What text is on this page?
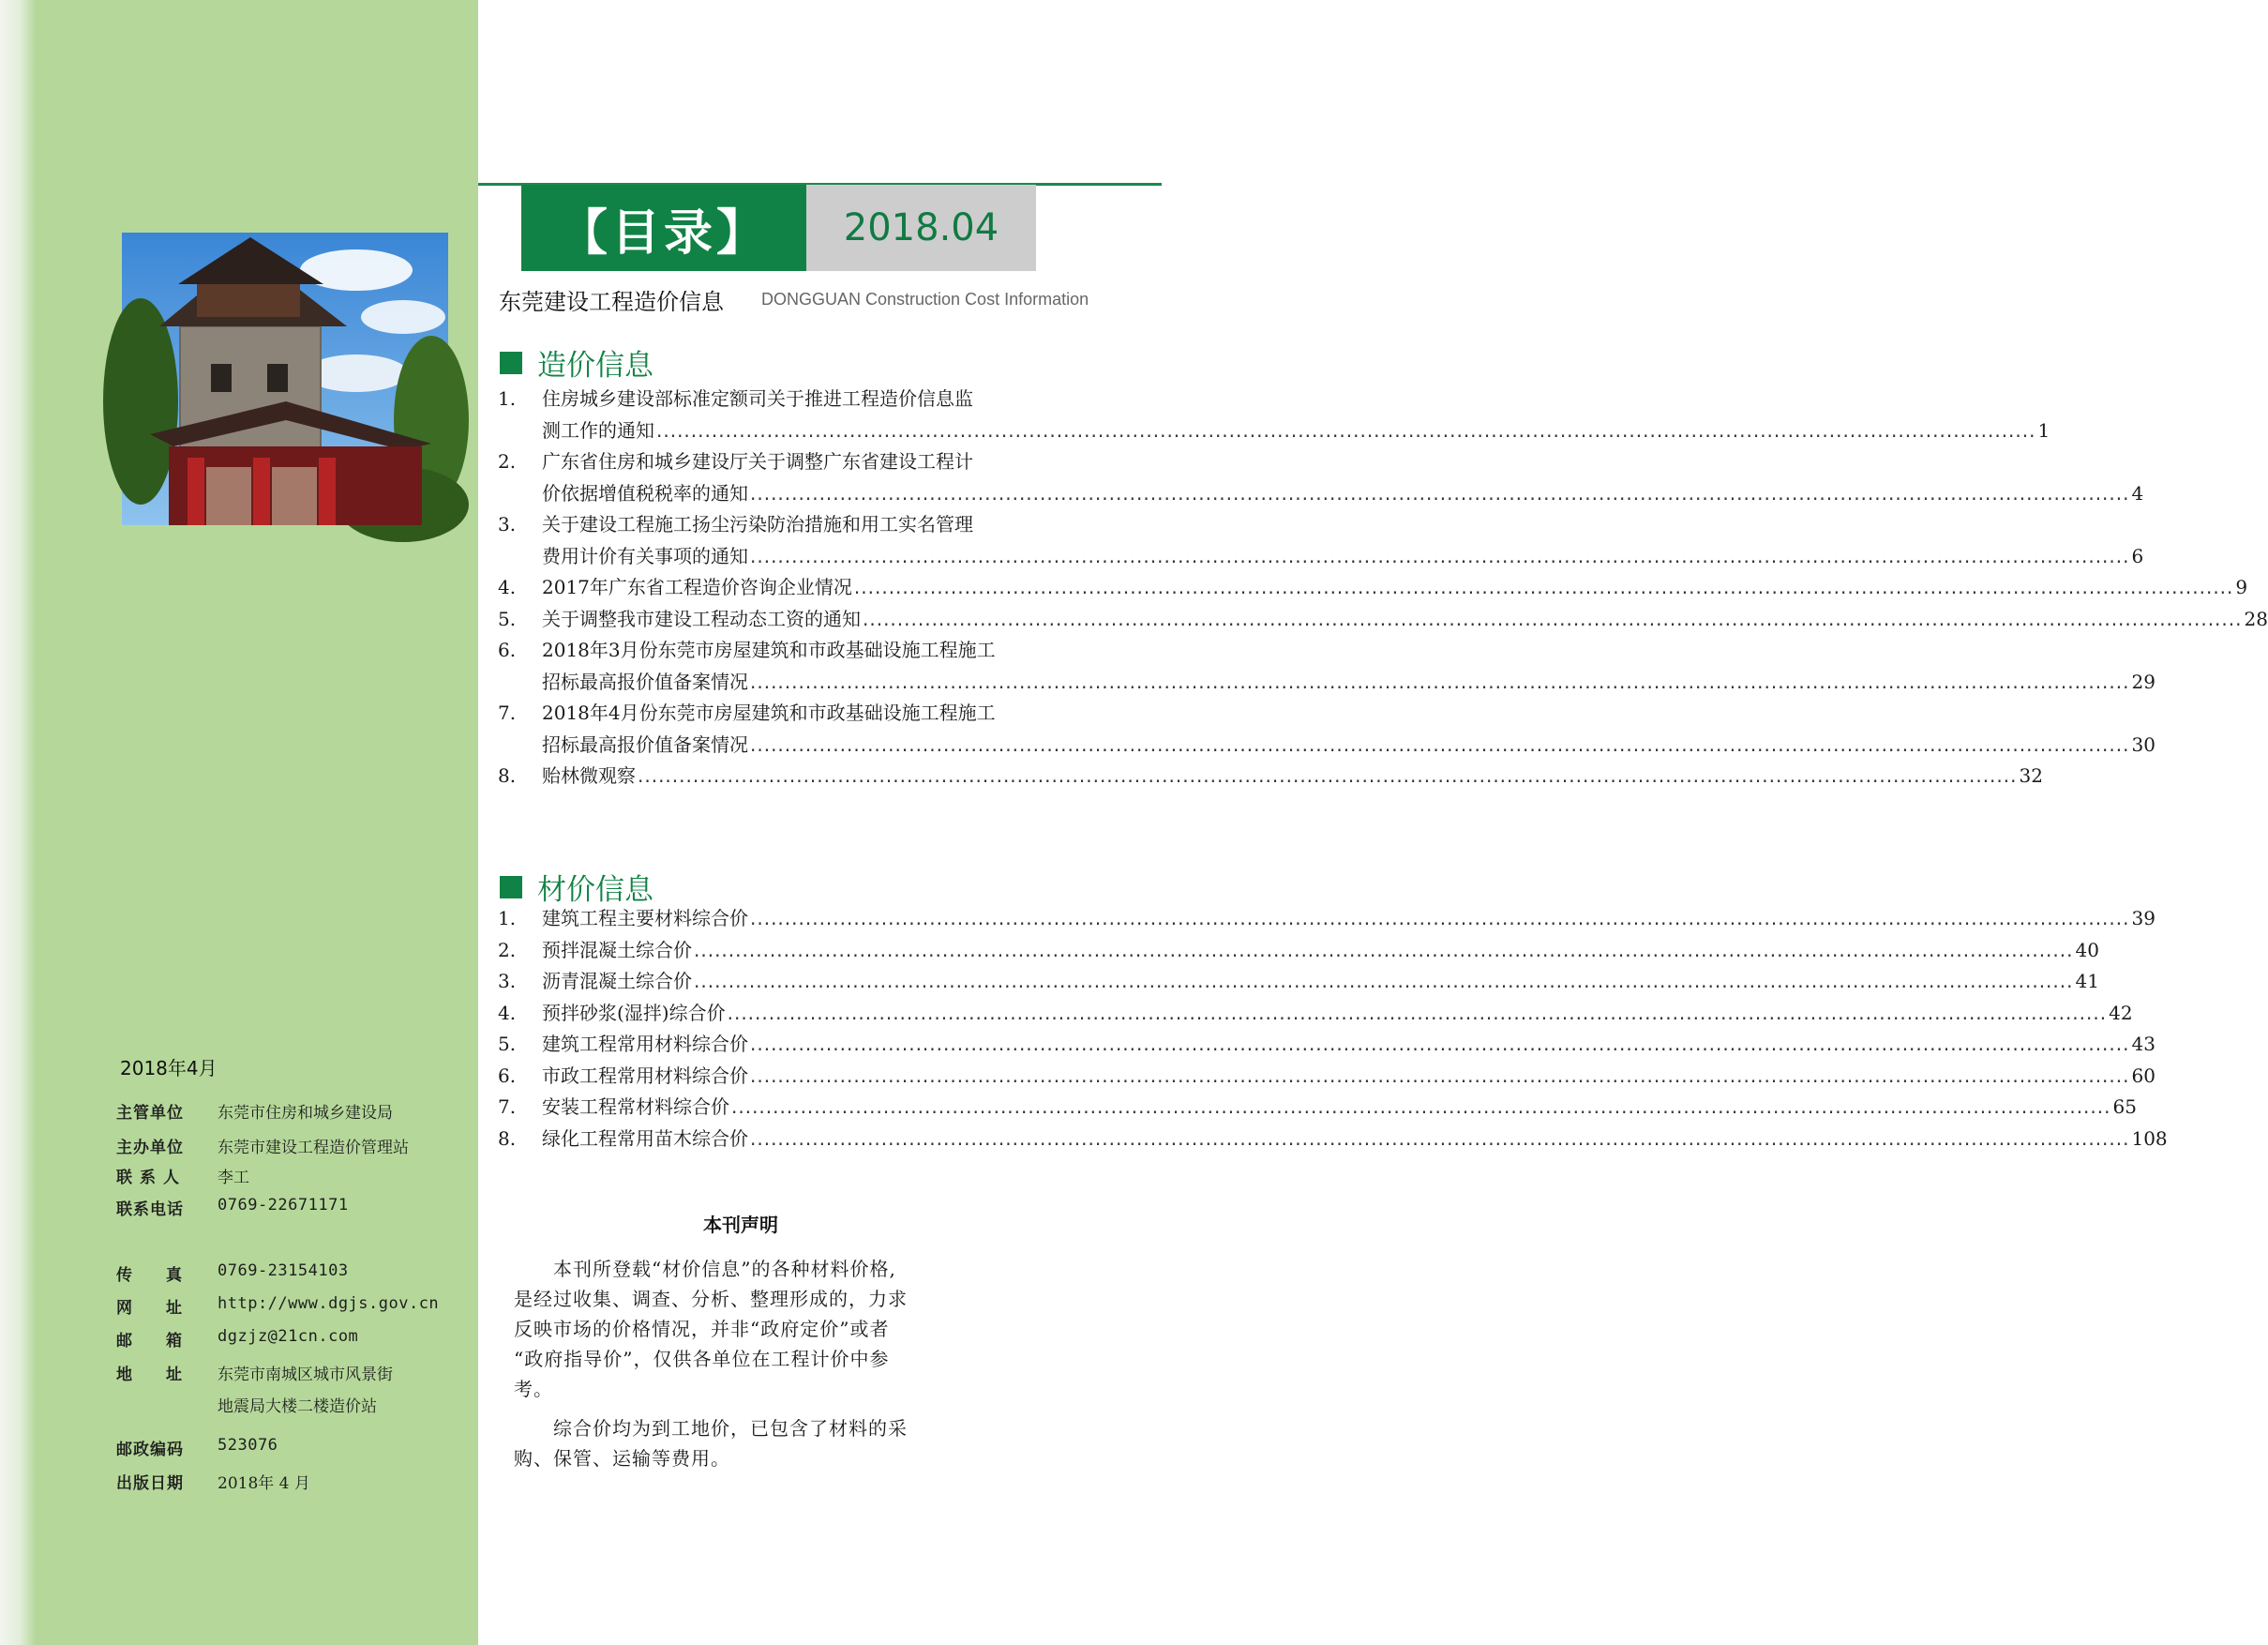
2018年4月
主管单位 东莞市住房和城乡建设局
主办单位 东莞市建设工程造价管理站
联系人 李工
联系电话 0769-22671171
传真 0769-23154103
网址 http://www.dgjs.gov.cn
邮箱 dgzjz@21cn.com
地址 东莞市南城区城市风景街
地震局大楼二楼造价站
邮政编码 523076
出版日期 2018年 4 月
【目录】	2018.04
东莞建设工程造价信息 DONGGUAN Construction Cost Information
造价信息
材价信息
本刊声明
1. 住房城乡建设部标准定额司关于推进工程造价信息监
测工作的通知 ........................................................................................................................................................................................................ 1
2. 广东省住房和城乡建设厅关于调整广东省建设工程计
价依据增值税税率的通知 ........................................................................................................................................................................................................ 4
3. 关于建设工程施工扬尘污染防治措施和用工实名管理
费用计价有关事项的通知 ........................................................................................................................................................................................................ 6
4. 2017年广东省工程造价咨询企业情况 ........................................................................................................................................................................................................ 9
5. 关于调整我市建设工程动态工资的通知 ........................................................................................................................................................................................................ 28
6. 2018年3月份东莞市房屋建筑和市政基础设施工程施工
招标最高报价值备案情况 ........................................................................................................................................................................................................ 29
7. 2018年4月份东莞市房屋建筑和市政基础设施工程施工
招标最高报价值备案情况 ........................................................................................................................................................................................................ 30
8. 贻林微观察 ........................................................................................................................................................................................................ 32
1. 建筑工程主要材料综合价 ........................................................................................................................................................................................................ 39
2. 预拌混凝土综合价 ........................................................................................................................................................................................................ 40
3. 沥青混凝土综合价 ........................................................................................................................................................................................................ 41
4. 预拌砂浆(湿拌)综合价 ........................................................................................................................................................................................................ 42
5. 建筑工程常用材料综合价 ........................................................................................................................................................................................................ 43
6. 市政工程常用材料综合价 ........................................................................................................................................................................................................ 60
7. 安装工程常材料综合价 ........................................................................................................................................................................................................ 65
8. 绿化工程常用苗木综合价 ........................................................................................................................................................................................................ 108
本刊所登载“材价信息”的各种材料价格,
是经过收集、调查、分析、整理形成的，力求
反映市场的价格情况，并非“政府定价”或者
“政府指导价”，仅供各单位在工程计价中参
考。
综合价均为到工地价，已包含了材料的采
购、保管、运输等费用。
